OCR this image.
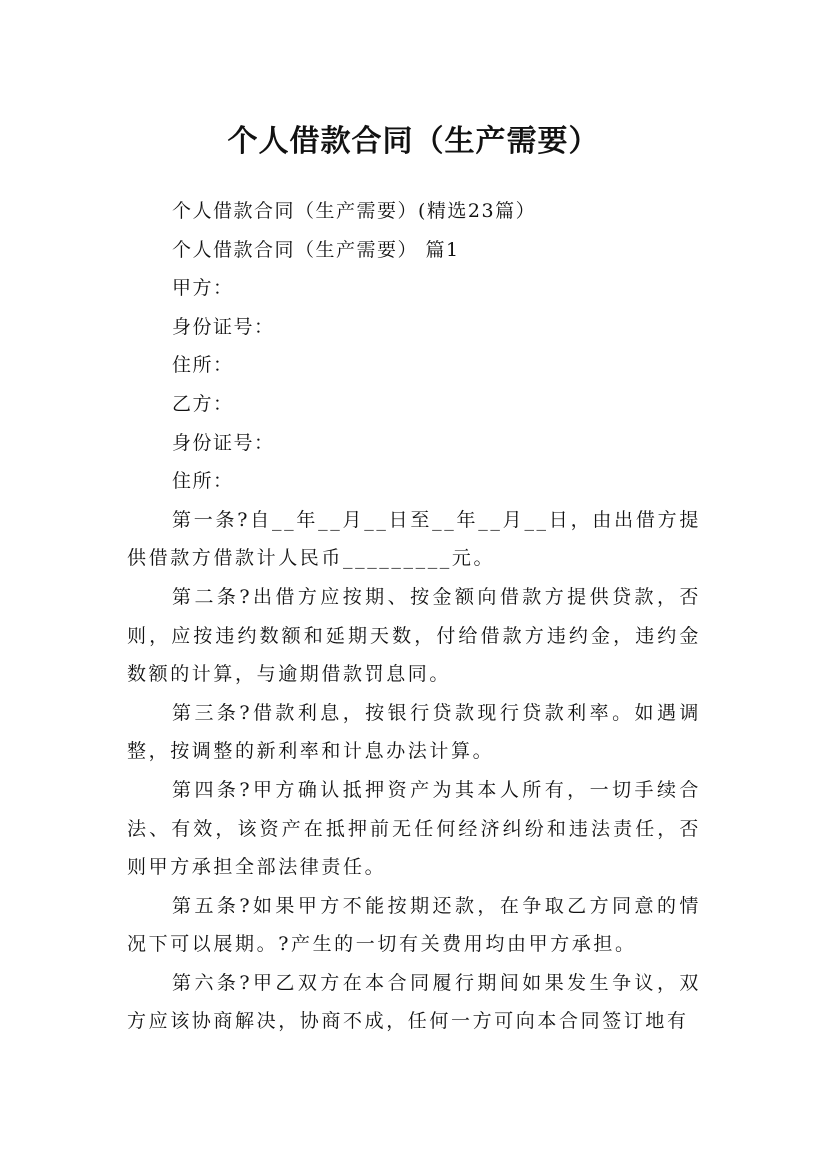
个人借款合同（生产需要）

个人借款合同（生产需要）(精选23篇）

个人借款合同（生产需要） 篇1

甲方：

身份证号：

住所：

乙方：

身份证号：

住所：

第一条?自__年__月__日至__年__月__日，由出借方提供借款方借款计人民币_________元。

第二条?出借方应按期、按金额向借款方提供贷款，否则，应按违约数额和延期天数，付给借款方违约金，违约金数额的计算，与逾期借款罚息同。

第三条?借款利息，按银行贷款现行贷款利率。如遇调整，按调整的新利率和计息办法计算。

第四条?甲方确认抵押资产为其本人所有，一切手续合法、有效，该资产在抵押前无任何经济纠纷和违法责任，否则甲方承担全部法律责任。

第五条?如果甲方不能按期还款，在争取乙方同意的情况下可以展期。?产生的一切有关费用均由甲方承担。

第六条?甲乙双方在本合同履行期间如果发生争议，双方应该协商解决，协商不成，任何一方可向本合同签订地有
